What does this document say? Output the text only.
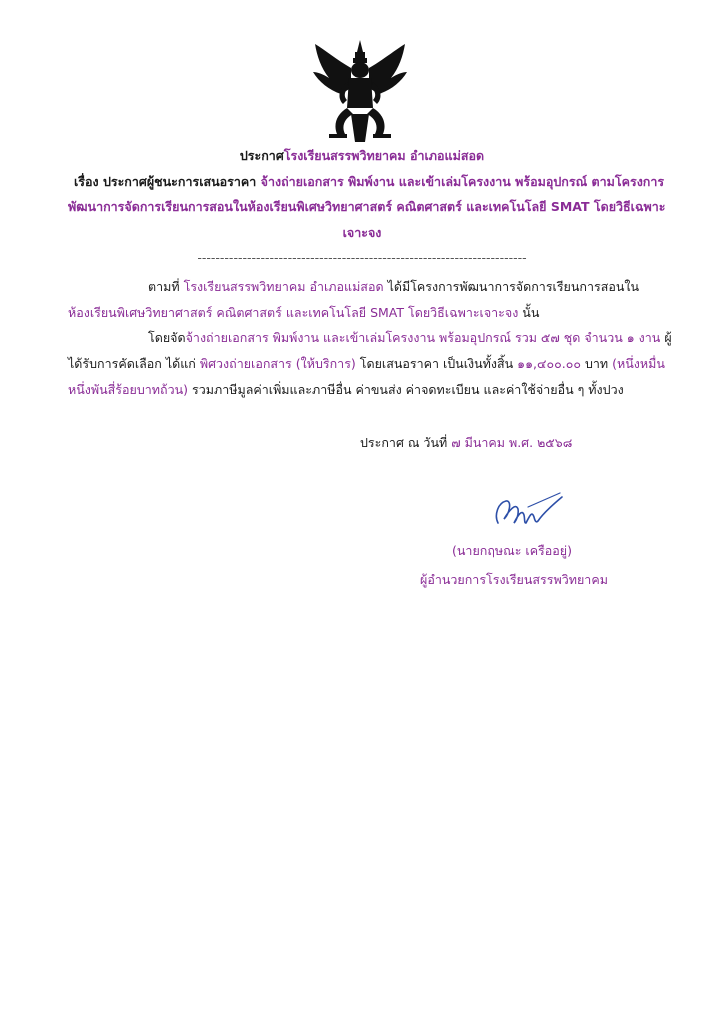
ประกาศโรงเรียนสรรพวิทยาคม อำเภอแม่สอด
เรื่อง ประกาศผู้ชนะการเสนอราคา จ้างถ่ายเอกสาร พิมพ์งาน และเข้าเล่มโครงงาน พร้อมอุปกรณ์ ตามโครงการ
พัฒนาการจัดการเรียนการสอนในห้องเรียนพิเศษวิทยาศาสตร์ คณิตศาสตร์ และเทคโนโลยี SMAT โดยวิธีเฉพาะ
เจาะจง
-------------------------------------------------------------------------
ตามที่ โรงเรียนสรรพวิทยาคม อำเภอแม่สอด ได้มีโครงการพัฒนาการจัดการเรียนการสอนใน
ห้องเรียนพิเศษวิทยาศาสตร์ คณิตศาสตร์ และเทคโนโลยี SMAT โดยวิธีเฉพาะเจาะจง นั้น
โดยจัดจ้างถ่ายเอกสาร พิมพ์งาน และเข้าเล่มโครงงาน พร้อมอุปกรณ์ รวม ๕๗ ชุด จำนวน ๑ งาน ผู้
ได้รับการคัดเลือก ได้แก่ พิศวงถ่ายเอกสาร (ให้บริการ) โดยเสนอราคา เป็นเงินทั้งสิ้น ๑๑,๔๐๐.๐๐ บาท (หนึ่งหมื่น
หนึ่งพันสี่ร้อยบาทถ้วน) รวมภาษีมูลค่าเพิ่มและภาษีอื่น ค่าขนส่ง ค่าจดทะเบียน และค่าใช้จ่ายอื่น ๆ ทั้งปวง
ประกาศ ณ วันที่ ๗ มีนาคม พ.ศ. ๒๕๖๘
(นายกฤษณะ เครืออยู่)
ผู้อำนวยการโรงเรียนสรรพวิทยาคม
